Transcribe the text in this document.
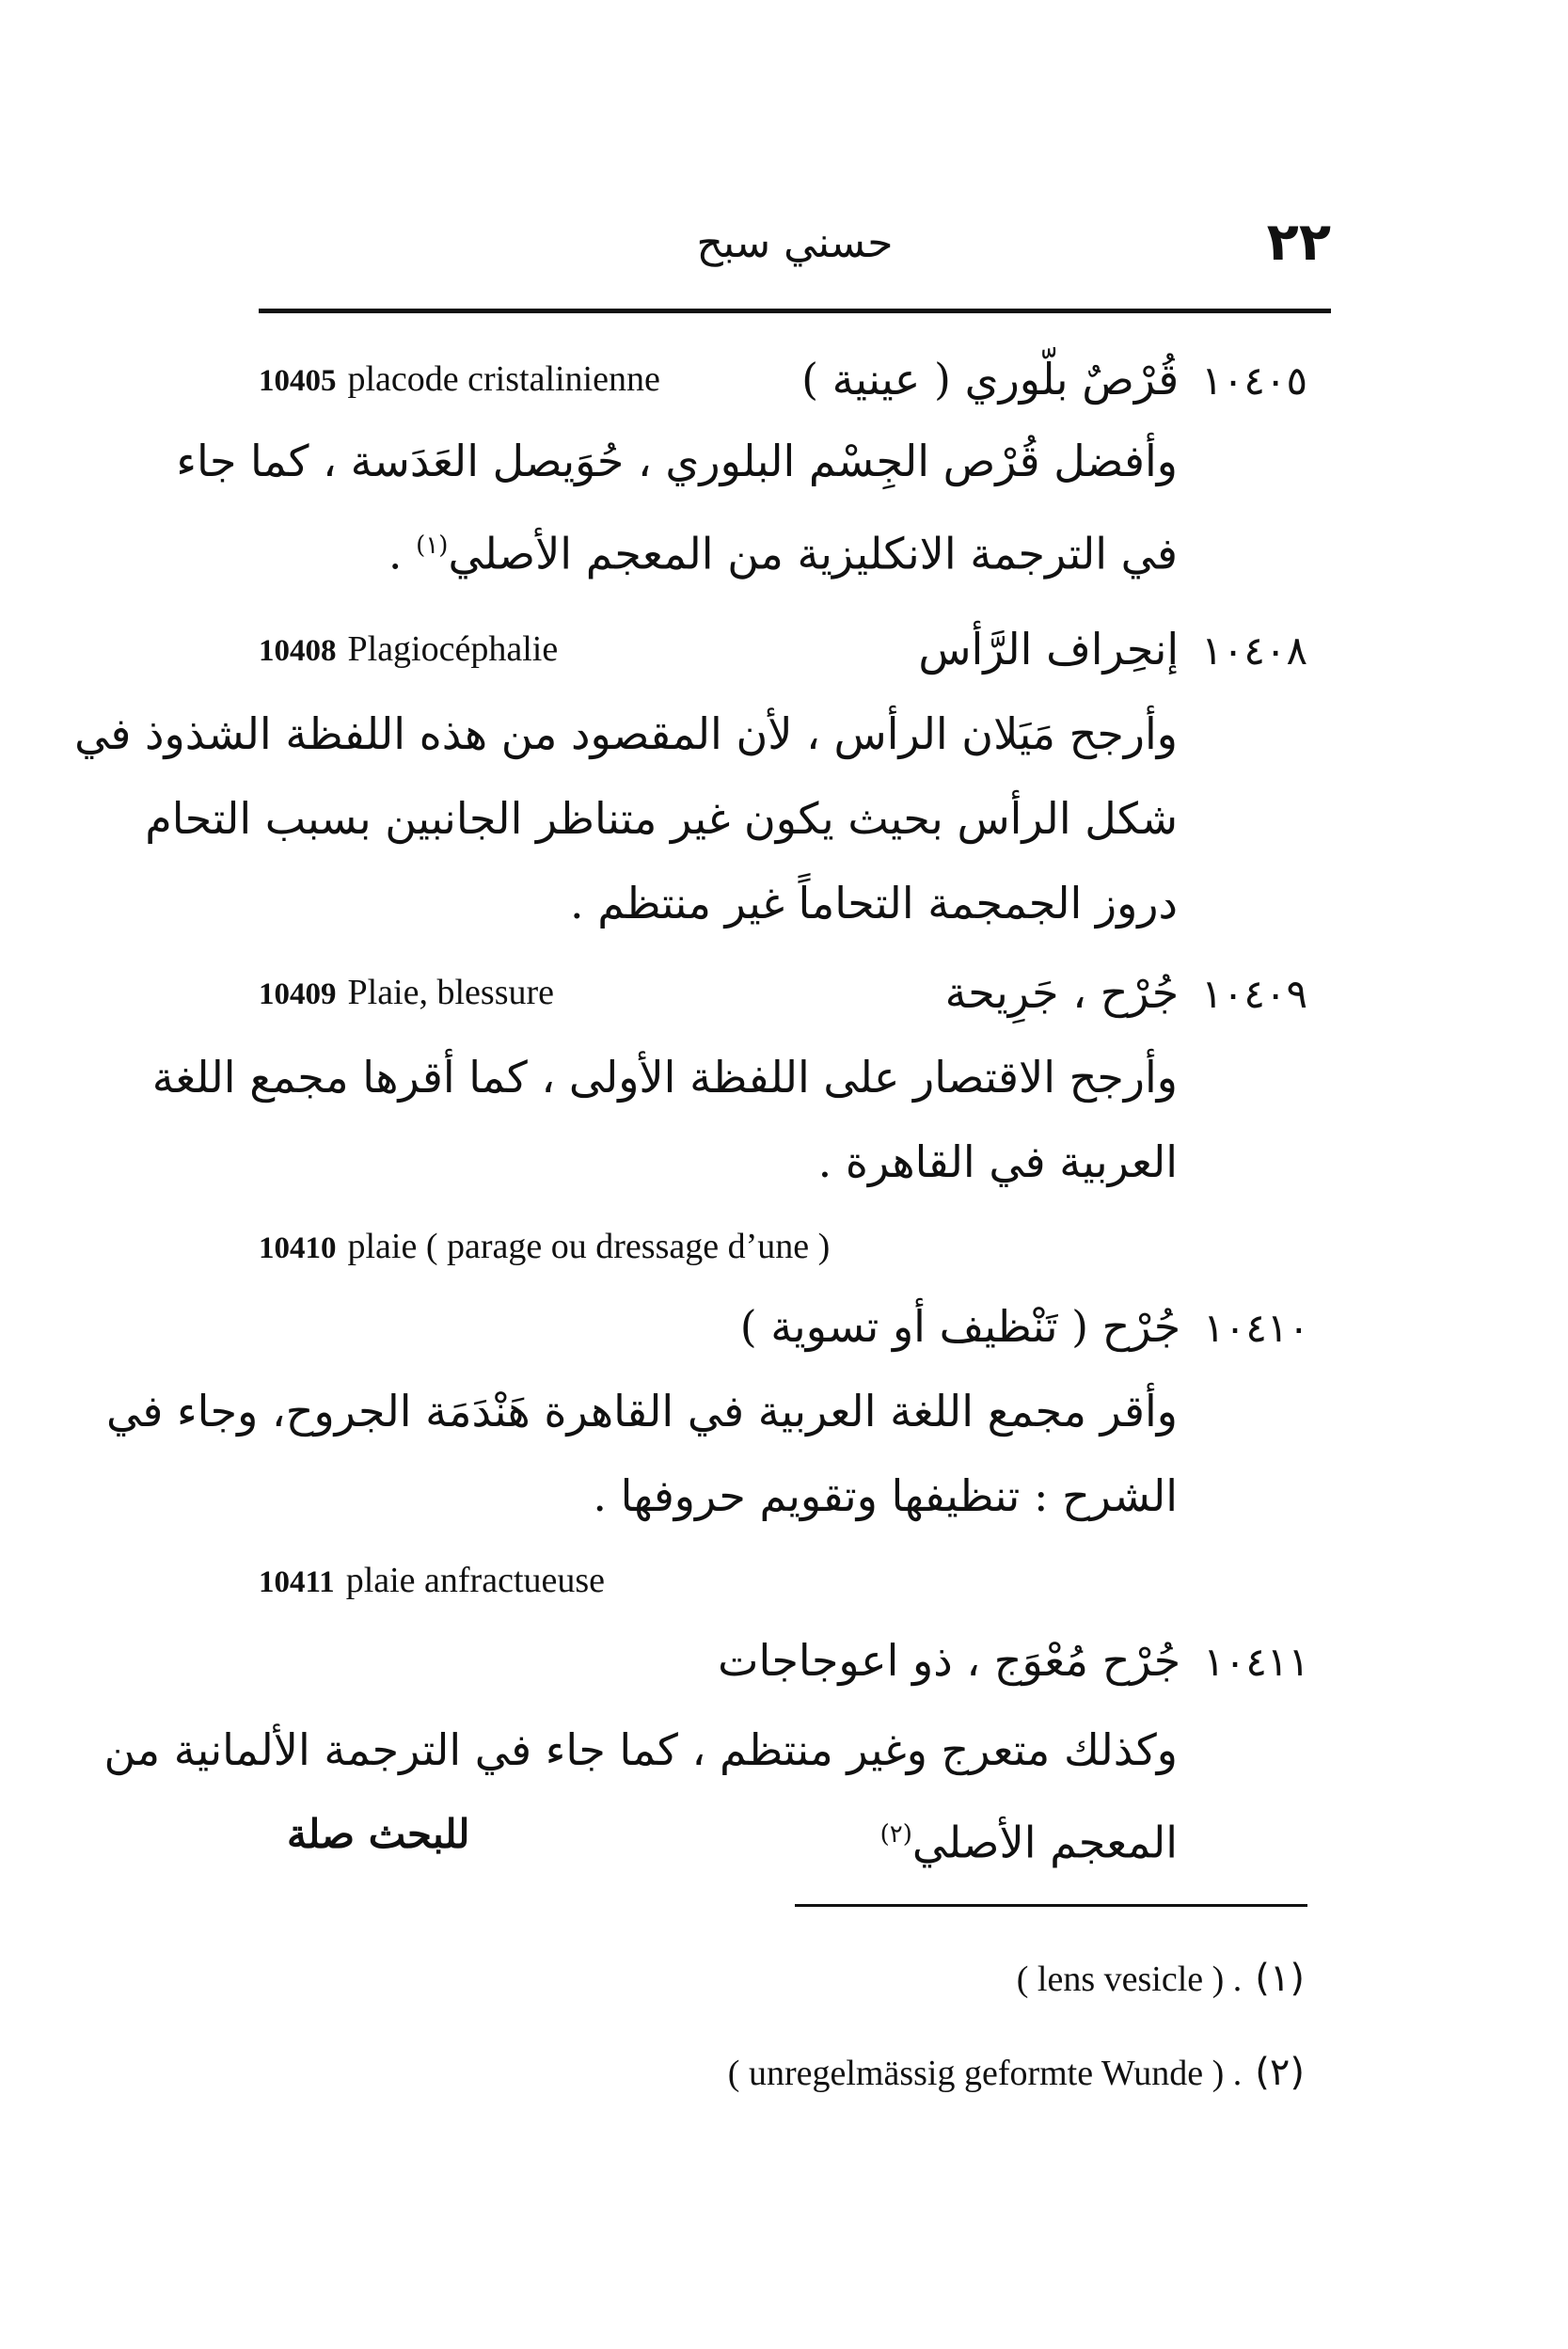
٢٢
حسني سبح
10405 placode cristalinienne	١٠٤٠٥قُرْصٌ بلّوري ( عينية )
وأفضل قُرْص الجِسْم البلوري ، حُوَيصل العَدَسة ، كما جاء
في الترجمة الانكليزية من المعجم الأصلي$^{(١)}$ .
10408 Plagiocéphalie	١٠٤٠٨إنحِراف الرَّأس
وأرجح مَيَلان الرأس ، لأن المقصود من هذه اللفظة الشذوذ في
شكل الرأس بحيث يكون غير متناظر الجانبين بسبب التحام
دروز الجمجمة التحاماً غير منتظم .
10409 Plaie, blessure	١٠٤٠٩جُرْح ، جَرِيحة
وأرجح الاقتصار على اللفظة الأولى ، كما أقرها مجمع اللغة
العربية في القاهرة .
10410 plaie ( parage ou dressage d’une )
١٠٤١٠جُرْح ( تَنْظيف أو تسوية )
وأقر مجمع اللغة العربية في القاهرة هَنْدَمَة الجروح، وجاء في
الشرح : تنظيفها وتقويم حروفها .
10411 plaie anfractueuse
١٠٤١١جُرْح مُعْوَج ، ذو اعوجاجات
وكذلك متعرج وغير منتظم ، كما جاء في الترجمة الألمانية من
المعجم الأصلي$^{(٢)}$
للبحث صلة
( lens vesicle ) . (١)
( unregelmässig geformte Wunde ) . (٢)
